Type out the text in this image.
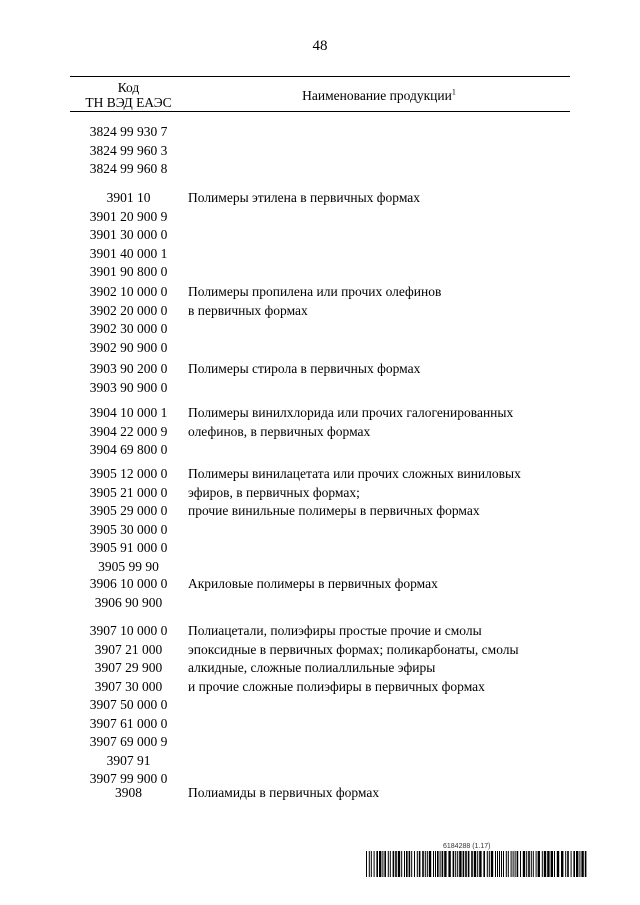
48
Код
ТН ВЭД ЕАЭС	Наименование продукции$^1$
3824 99 930 7
3824 99 960 3
3824 99 960 8
3901 10
3901 20 900 9
3901 30 000 0
3901 40 000 1
3901 90 800 0
Полимеры этилена в первичных формах
3902 10 000 0
3902 20 000 0
3902 30 000 0
3902 90 900 0
Полимеры пропилена или прочих олефинов
в первичных формах
3903 90 200 0
3903 90 900 0
Полимеры стирола в первичных формах
3904 10 000 1
3904 22 000 9
3904 69 800 0
Полимеры винилхлорида или прочих галогенированных
олефинов, в первичных формах
3905 12 000 0
3905 21 000 0
3905 29 000 0
3905 30 000 0
3905 91 000 0
3905 99 90
Полимеры винилацетата или прочих сложных виниловых
эфиров, в первичных формах;
прочие винильные полимеры в первичных формах
3906 10 000 0
3906 90 900
Акриловые полимеры в первичных формах
3907 10 000 0
3907 21 000
3907 29 900
3907 30 000
3907 50 000 0
3907 61 000 0
3907 69 000 9
3907 91
3907 99 900 0
Полиацетали, полиэфиры простые прочие и смолы
эпоксидные в первичных формах; поликарбонаты, смолы
алкидные, сложные полиаллильные эфиры
и прочие сложные полиэфиры в первичных формах
3908	Полиамиды в первичных формах
6184288 (1.17)
